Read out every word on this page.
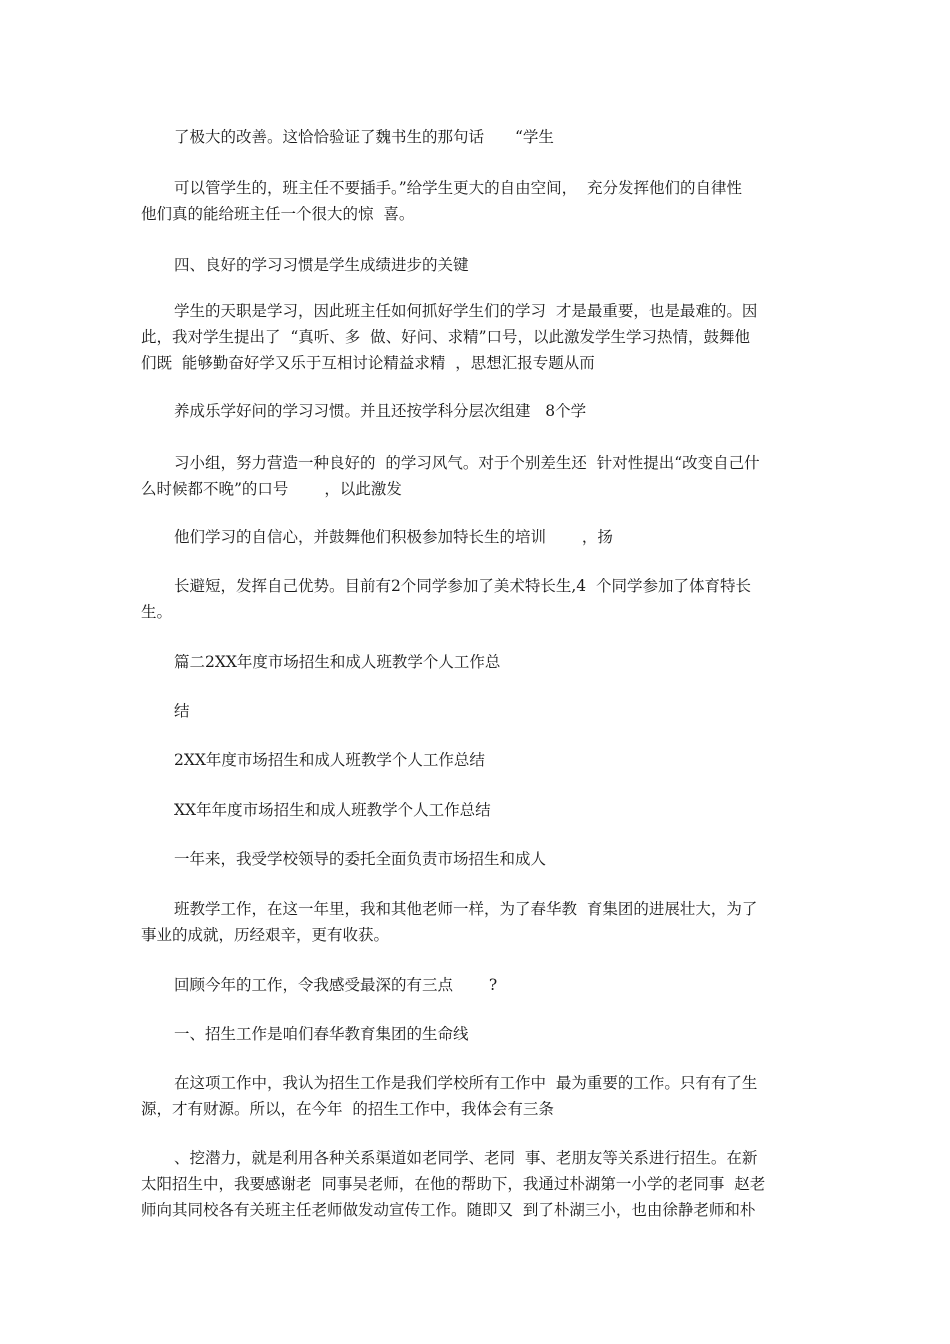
了极大的改善。这恰恰验证了魏书生的那句话　　“学生
可以管学生的，班主任不要插手。”给学生更大的自由空间，  充分发挥他们的自律性
他们真的能给班主任一个很大的惊  喜。
四、良好的学习习惯是学生成绩进步的关键
学生的天职是学习，因此班主任如何抓好学生们的学习  才是最重要，也是最难的。因
此，我对学生提出了  “真听、多  做、好问、求精”口号，以此激发学生学习热情，鼓舞他
们既  能够勤奋好学又乐于互相讨论精益求精  ，思想汇报专题从而
养成乐学好问的学习习惯。并且还按学科分层次组建   8个学
习小组，努力营造一种良好的  的学习风气。对于个别差生还  针对性提出“改变自己什
么时候都不晚”的口号　　 ，以此激发
他们学习的自信心，并鼓舞他们积极参加特长生的培训　　 ，扬
长避短，发挥自己优势。目前有2个同学参加了美术特长生,4  个同学参加了体育特长
生。
篇二2XX年度市场招生和成人班教学个人工作总
结
2XX年度市场招生和成人班教学个人工作总结
XX年年度市场招生和成人班教学个人工作总结
一年来，我受学校领导的委托全面负责市场招生和成人
班教学工作，在这一年里，我和其他老师一样，为了春华教  育集团的进展壮大，为了
事业的成就，历经艰辛，更有收获。
回顾今年的工作，令我感受最深的有三点　　 ?
一、招生工作是咱们春华教育集团的生命线
在这项工作中，我认为招生工作是我们学校所有工作中  最为重要的工作。只有有了生
源，才有财源。所以，在今年  的招生工作中，我体会有三条
、挖潜力，就是利用各种关系渠道如老同学、老同  事、老朋友等关系进行招生。在新
太阳招生中，我要感谢老  同事吴老师，在他的帮助下，我通过朴湖第一小学的老同事  赵老
师向其同校各有关班主任老师做发动宣传工作。随即又  到了朴湖三小，也由徐静老师和朴
